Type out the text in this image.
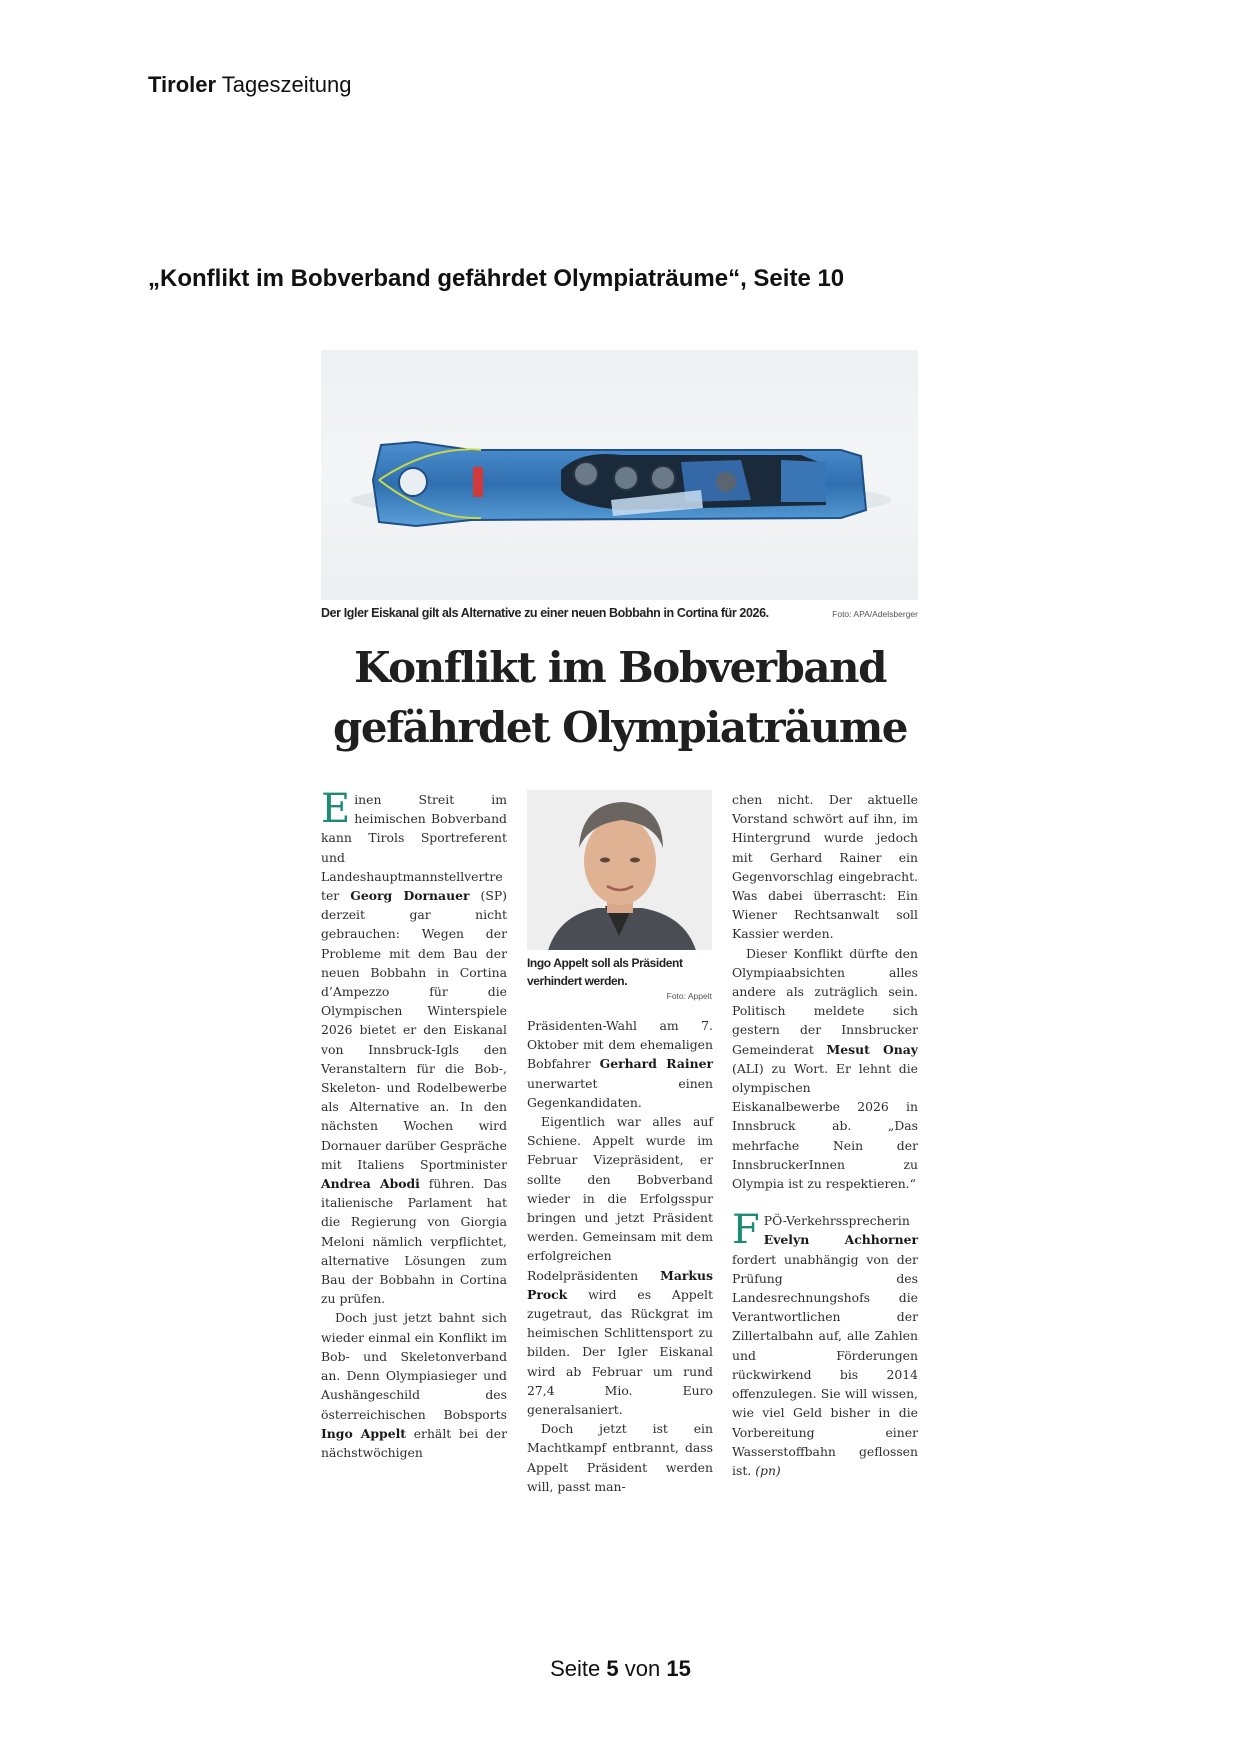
Tiroler Tageszeitung
„Konflikt im Bobverband gefährdet Olympiaträume“, Seite 10
Der Igler Eiskanal gilt als Alternative zu einer neuen Bobbahn in Cortina für 2026.	Foto: APA/Adelsberger
Konflikt im Bobverband
gefährdet Olympiaträume

Einen Streit im heimischen Bobverband kann Tirols Sportreferent und Landeshauptmannstellvertreter Georg Dornauer (SP) derzeit gar nicht gebrauchen: Wegen der Probleme mit dem Bau der neuen Bobbahn in Cortina d’Ampezzo für die Olympischen Winterspiele 2026 bietet er den Eiskanal von Innsbruck-Igls den Veranstaltern für die Bob-, Skeleton- und Rodelbewerbe als Alternative an. In den nächsten Wochen wird Dornauer darüber Gespräche mit Italiens Sportminister Andrea Abodi führen. Das italienische Parlament hat die Regierung von Giorgia Meloni nämlich verpflichtet, alternative Lösungen zum Bau der Bobbahn in Cortina zu prüfen.

Doch just jetzt bahnt sich wieder einmal ein Konflikt im Bob- und Skeletonverband an. Denn Olympiasieger und Aushängeschild des österreichischen Bobsports Ingo Appelt erhält bei der nächstwöchigen

Ingo Appelt soll als Präsident
verhindert werden.
Foto: Appelt

Präsidenten-Wahl am 7. Oktober mit dem ehemaligen Bobfahrer Gerhard Rainer unerwartet einen Gegenkandidaten.

Eigentlich war alles auf Schiene. Appelt wurde im Februar Vizepräsident, er sollte den Bobverband wieder in die Erfolgsspur bringen und jetzt Präsident werden. Gemeinsam mit dem erfolgreichen Rodelpräsidenten Markus Prock wird es Appelt zugetraut, das Rückgrat im heimischen Schlittensport zu bilden. Der Igler Eiskanal wird ab Februar um rund 27,4 Mio. Euro generalsaniert.

Doch jetzt ist ein Machtkampf entbrannt, dass Appelt Präsident werden will, passt man-

chen nicht. Der aktuelle Vorstand schwört auf ihn, im Hintergrund wurde jedoch mit Gerhard Rainer ein Gegenvorschlag eingebracht. Was dabei überrascht: Ein Wiener Rechtsanwalt soll Kassier werden.

Dieser Konflikt dürfte den Olympiaabsichten alles andere als zuträglich sein. Politisch meldete sich gestern der Innsbrucker Gemeinderat Mesut Onay (ALI) zu Wort. Er lehnt die olympischen Eiskanalbewerbe 2026 in Innsbruck ab. „Das mehrfache Nein der InnsbruckerInnen zu Olympia ist zu respektieren.“

FPÖ-Verkehrssprecherin Evelyn Achhorner fordert unabhängig von der Prüfung des Landesrechnungshofs die Verantwortlichen der Zillertalbahn auf, alle Zahlen und Förderungen rückwirkend bis 2014 offenzulegen. Sie will wissen, wie viel Geld bisher in die Vorbereitung einer Wasserstoffbahn geflossen ist. (pn)

Seite 5 von 15
